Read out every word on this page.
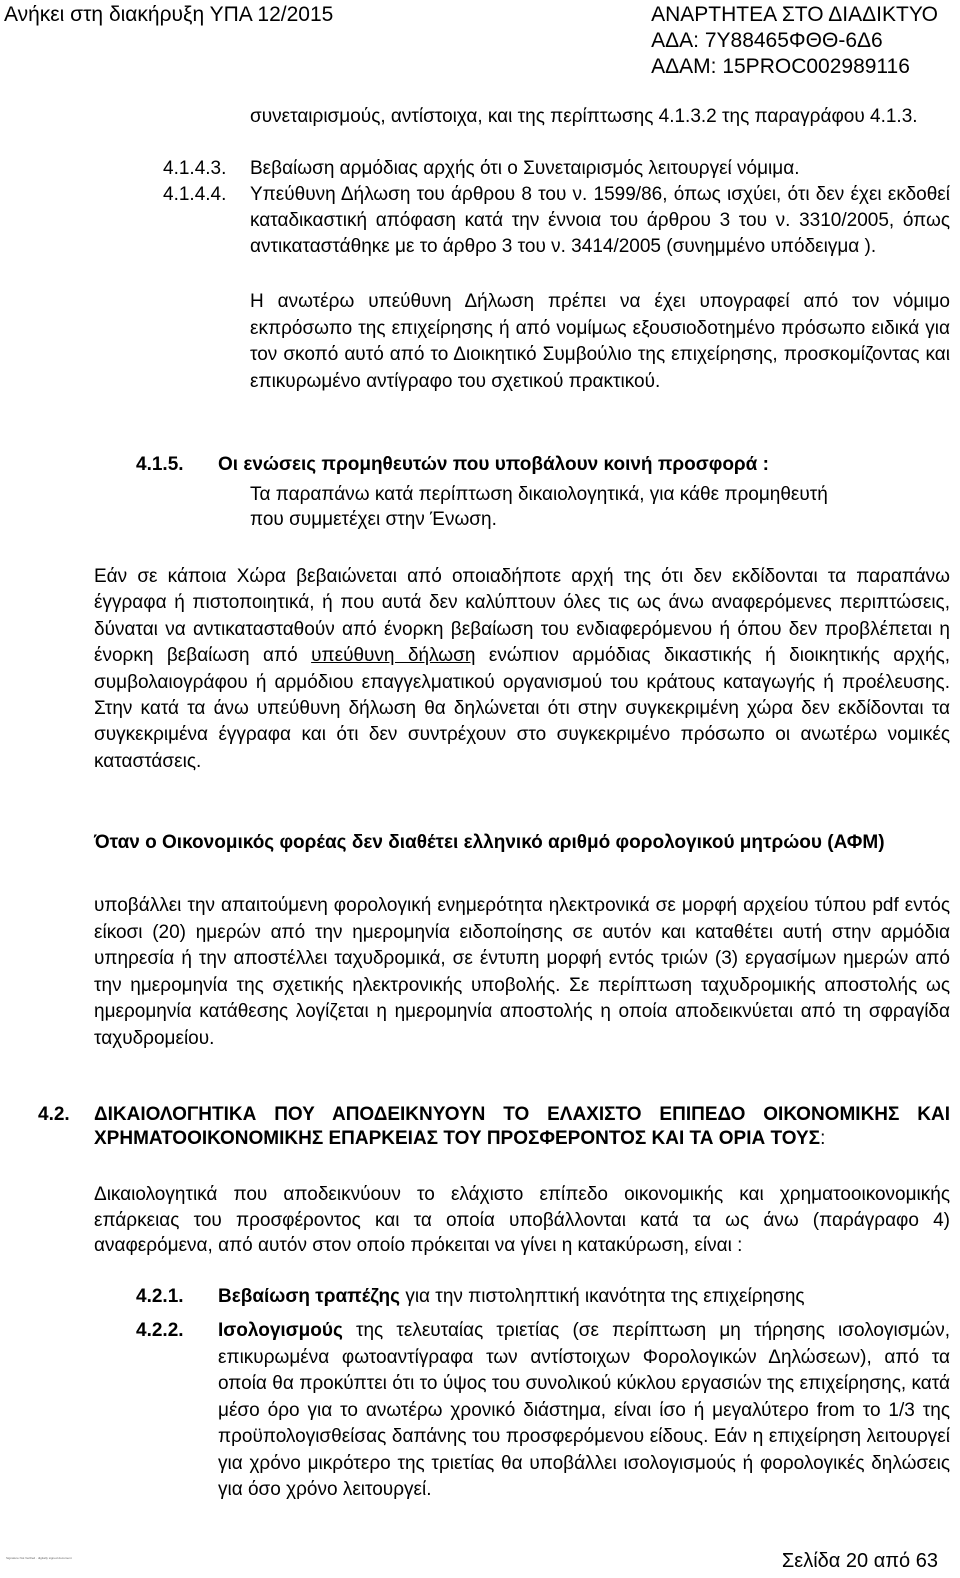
Ανήκει στη διακήρυξη ΥΠΑ 12/2015	ΑΝΑΡΤΗΤΕΑ ΣΤΟ ΔΙΑΔΙΚΤΥΟ
ΑΔΑ: 7Υ88465ΦΘΘ-6Δ6
ΑΔΑΜ: 15PROC002989116
συνεταιρισμούς, αντίστοιχα, και της περίπτωσης 4.1.3.2 της παραγράφου 4.1.3.
4.1.4.3. Βεβαίωση αρμόδιας αρχής ότι ο Συνεταιρισμός λειτουργεί νόμιμα.
4.1.4.4. Υπεύθυνη Δήλωση του άρθρου 8 του ν. 1599/86, όπως ισχύει, ότι δεν έχει εκδοθεί καταδικαστική απόφαση κατά την έννοια του άρθρου 3 του ν. 3310/2005, όπως αντικαταστάθηκε με το άρθρο 3 του ν. 3414/2005 (συνημμένο υπόδειγμα ).
Η ανωτέρω υπεύθυνη Δήλωση πρέπει να έχει υπογραφεί από τον νόμιμο εκπρόσωπο της επιχείρησης ή από νομίμως εξουσιοδοτημένο πρόσωπο ειδικά για τον σκοπό αυτό από το Διοικητικό Συμβούλιο της επιχείρησης, προσκομίζοντας και επικυρωμένο αντίγραφο του σχετικού πρακτικού.
4.1.5. Οι ενώσεις προμηθευτών που υποβάλουν κοινή προσφορά :
Τα παραπάνω κατά περίπτωση δικαιολογητικά, για κάθε προμηθευτή που συμμετέχει στην Ένωση.
Εάν σε κάποια Χώρα βεβαιώνεται από οποιαδήποτε αρχή της ότι δεν εκδίδονται τα παραπάνω έγγραφα ή πιστοποιητικά, ή που αυτά δεν καλύπτουν όλες τις ως άνω αναφερόμενες περιπτώσεις, δύναται να αντικατασταθούν από ένορκη βεβαίωση του ενδιαφερόμενου ή όπου δεν προβλέπεται η ένορκη βεβαίωση από υπεύθυνη δήλωση ενώπιον αρμόδιας δικαστικής ή διοικητικής αρχής, συμβολαιογράφου ή αρμόδιου επαγγελματικού οργανισμού του κράτους καταγωγής ή προέλευσης. Στην κατά τα άνω υπεύθυνη δήλωση θα δηλώνεται ότι στην συγκεκριμένη χώρα δεν εκδίδονται τα συγκεκριμένα έγγραφα και ότι δεν συντρέχουν στο συγκεκριμένο πρόσωπο οι ανωτέρω νομικές καταστάσεις.
Όταν ο Οικονομικός φορέας δεν διαθέτει ελληνικό αριθμό φορολογικού μητρώου (ΑΦΜ)
υποβάλλει την απαιτούμενη φορολογική ενημερότητα ηλεκτρονικά σε μορφή αρχείου τύπου pdf εντός είκοσι (20) ημερών από την ημερομηνία ειδοποίησης σε αυτόν και καταθέτει αυτή στην αρμόδια υπηρεσία ή την αποστέλλει ταχυδρομικά, σε έντυπη μορφή εντός τριών (3) εργασίμων ημερών από την ημερομηνία της σχετικής ηλεκτρονικής υποβολής. Σε περίπτωση ταχυδρομικής αποστολής ως ημερομηνία κατάθεσης λογίζεται η ημερομηνία αποστολής η οποία αποδεικνύεται από τη σφραγίδα ταχυδρομείου.
4.2. ΔΙΚΑΙΟΛΟΓΗΤΙΚΑ ΠΟΥ ΑΠΟΔΕΙΚΝΥΟΥΝ ΤΟ ΕΛΑΧΙΣΤΟ ΕΠΙΠΕΔΟ ΟΙΚΟΝΟΜΙΚΗΣ ΚΑΙ ΧΡΗΜΑΤΟΟΙΚΟΝΟΜΙΚΗΣ ΕΠΑΡΚΕΙΑΣ ΤΟΥ ΠΡΟΣΦΕΡΟΝΤΟΣ ΚΑΙ ΤΑ ΟΡΙΑ ΤΟΥΣ:
Δικαιολογητικά που αποδεικνύουν το ελάχιστο επίπεδο οικονομικής και χρηματοοικονομικής επάρκειας του προσφέροντος και τα οποία υποβάλλονται κατά τα ως άνω (παράγραφο 4) αναφερόμενα, από αυτόν στον οποίο πρόκειται να γίνει η κατακύρωση, είναι :
4.2.1. Βεβαίωση τραπέζης για την πιστοληπτική ικανότητα της επιχείρησης
4.2.2. Ισολογισμούς της τελευταίας τριετίας (σε περίπτωση μη τήρησης ισολογισμών, επικυρωμένα φωτοαντίγραφα των αντίστοιχων Φορολογικών Δηλώσεων), από τα οποία θα προκύπτει ότι το ύψος του συνολικού κύκλου εργασιών της επιχείρησης, κατά μέσο όρο για το ανωτέρω χρονικό διάστημα, είναι ίσο ή μεγαλύτερο from το 1/3 της προϋπολογισθείσας δαπάνης του προσφερόμενου είδους. Εάν η επιχείρηση λειτουργεί για χρόνο μικρότερο της τριετίας θα υποβάλλει ισολογισμούς ή φορολογικές δηλώσεις για όσο χρόνο λειτουργεί.
Signature Not Verified · digitally signed document	Σελίδα 20 από 63
